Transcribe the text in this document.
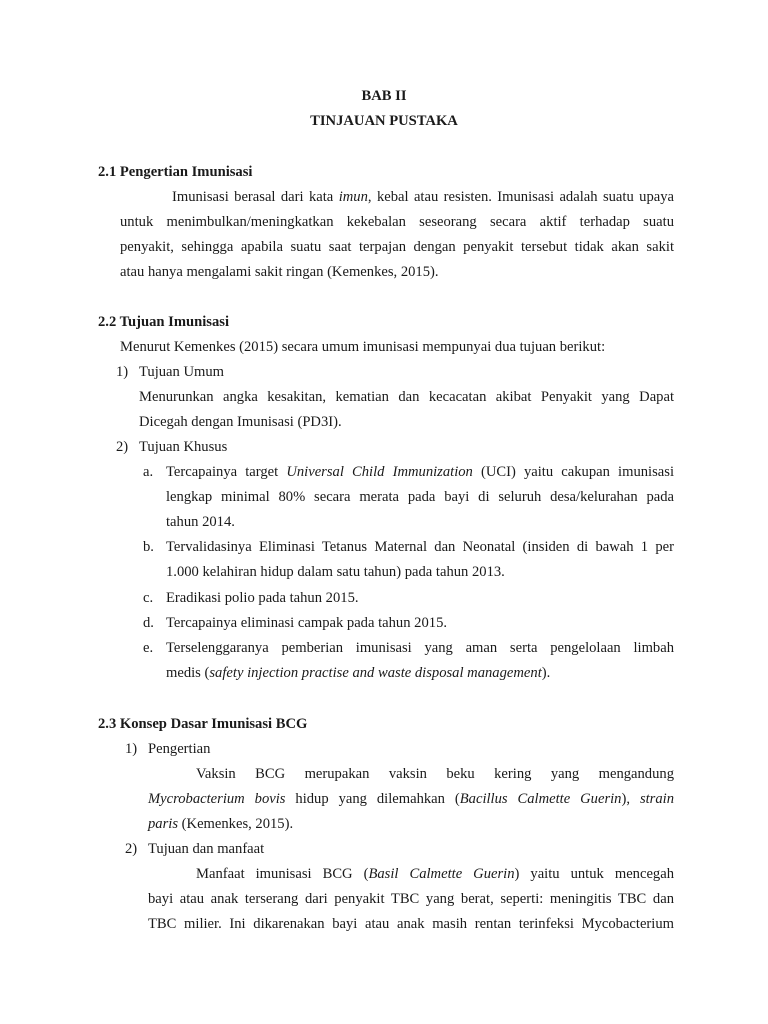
BAB II
TINJAUAN PUSTAKA
2.1 Pengertian Imunisasi
Imunisasi berasal dari kata imun, kebal atau resisten. Imunisasi adalah suatu upaya
untuk menimbulkan/meningkatkan kekebalan seseorang secara aktif terhadap suatu
penyakit, sehingga apabila suatu saat terpajan dengan penyakit tersebut tidak akan sakit
atau hanya mengalami sakit ringan (Kemenkes, 2015).
2.2 Tujuan Imunisasi
Menurut Kemenkes (2015) secara umum imunisasi mempunyai dua tujuan berikut:
1) Tujuan Umum
Menurunkan angka kesakitan, kematian dan kecacatan akibat Penyakit yang Dapat
Dicegah dengan Imunisasi (PD3I).
2) Tujuan Khusus
a. Tercapainya target Universal Child Immunization (UCI) yaitu cakupan imunisasi
lengkap minimal 80% secara merata pada bayi di seluruh desa/kelurahan pada
tahun 2014.
b. Tervalidasinya Eliminasi Tetanus Maternal dan Neonatal (insiden di bawah 1 per
1.000 kelahiran hidup dalam satu tahun) pada tahun 2013.
c. Eradikasi polio pada tahun 2015.
d. Tercapainya eliminasi campak pada tahun 2015.
e. Terselenggaranya pemberian imunisasi yang aman serta pengelolaan limbah
medis (safety injection practise and waste disposal management).
2.3 Konsep Dasar Imunisasi BCG
1) Pengertian
Vaksin BCG merupakan vaksin beku kering yang mengandung
Mycrobacterium bovis hidup yang dilemahkan (Bacillus Calmette Guerin), strain
paris (Kemenkes, 2015).
2) Tujuan dan manfaat
Manfaat imunisasi BCG (Basil Calmette Guerin) yaitu untuk mencegah
bayi atau anak terserang dari penyakit TBC yang berat, seperti: meningitis TBC dan
TBC milier. Ini dikarenakan bayi atau anak masih rentan terinfeksi Mycobacterium
